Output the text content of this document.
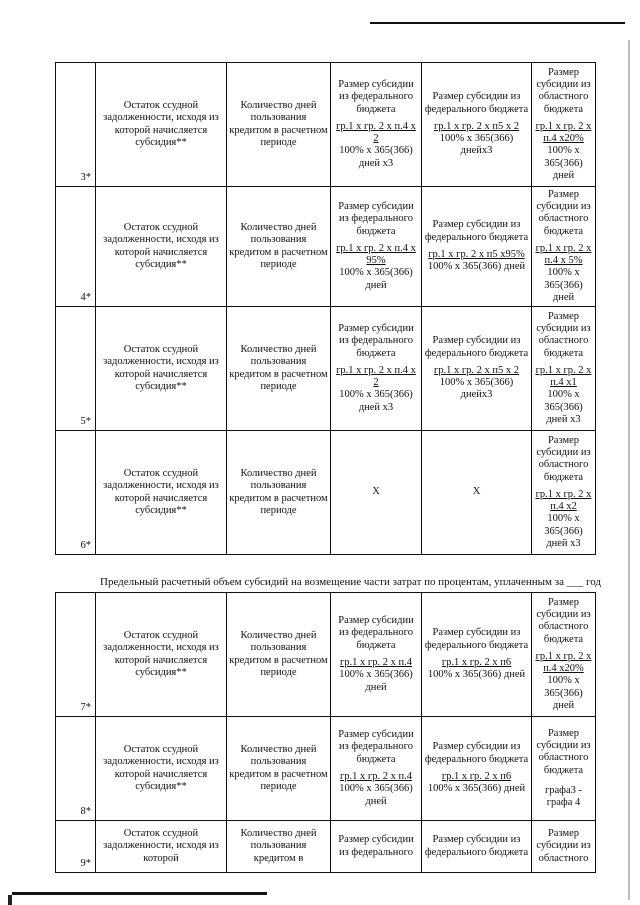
3*	Остаток ссудной задолженности, исходя из которой начисляется субсидия**	Количество дней пользования кредитом в расчетном периоде	Размер субсидии из федерального бюджета
гр.1 х гр. 2 х п.4 х 2
100% х 365(366) дней х3	Размер субсидии из федерального бюджета
гр.1 х гр. 2 х п5 х 2
100% х 365(366) днейх3	Размер субсидии из областного бюджета
гр.1 х гр. 2 х п.4 х20%
100% х 365(366) дней

4*	Остаток ссудной задолженности, исходя из которой начисляется субсидия**	Количество дней пользования кредитом в расчетном периоде	Размер субсидии из федерального бюджета
гр.1 х гр. 2 х п.4 х 95%
100% х 365(366) дней	Размер субсидии из федерального бюджета
гр.1 х гр. 2 х п5 х95%
100% х 365(366) дней	Размер субсидии из областного бюджета
гр.1 х гр. 2 х п.4 х 5%
100% х 365(366) дней

5*	Остаток ссудной задолженности, исходя из которой начисляется субсидия**	Количество дней пользования кредитом в расчетном периоде	Размер субсидии из федерального бюджета
гр.1 х гр. 2 х п.4 х 2
100% х 365(366) дней х3	Размер субсидии из федерального бюджета
гр.1 х гр. 2 х п5 х 2
100% х 365(366) днейх3	Размер субсидии из областного бюджета
гр.1 х гр. 2 х п.4 х1
100% х 365(366) дней х3

6*	Остаток ссудной задолженности, исходя из которой начисляется субсидия**	Количество дней пользования кредитом в расчетном периоде	Х	Х	Размер субсидии из областного бюджета
гр.1 х гр. 2 х п.4 х2
100% х 365(366) дней х3
Предельный расчетный объем субсидий на возмещение части затрат по процентам, уплаченным за ___ год
7*	Остаток ссудной задолженности, исходя из которой начисляется субсидия**	Количество дней пользования кредитом в расчетном периоде	Размер субсидии из федерального бюджета
гр.1 х гр. 2 х п.4
100% х 365(366) дней	Размер субсидии из федерального бюджета
гр.1 х гр. 2 х п6
100% х 365(366) дней	Размер субсидии из областного бюджета
гр.1 х гр. 2 х п.4 х20%
100% х 365(366) дней

8*	Остаток ссудной задолженности, исходя из которой начисляется субсидия**	Количество дней пользования кредитом в расчетном периоде	Размер субсидии из федерального бюджета
гр.1 х гр. 2 х п.4
100% х 365(366) дней	Размер субсидии из федерального бюджета
гр.1 х гр. 2 х п6
100% х 365(366) дней	Размер субсидии из областного бюджета
графа3 - графа 4

9*	Остаток ссудной задолженности, исходя из которой	Количество дней пользования кредитом в	Размер субсидии из федерального	Размер субсидии из федерального бюджета	Размер субсидии из областного
